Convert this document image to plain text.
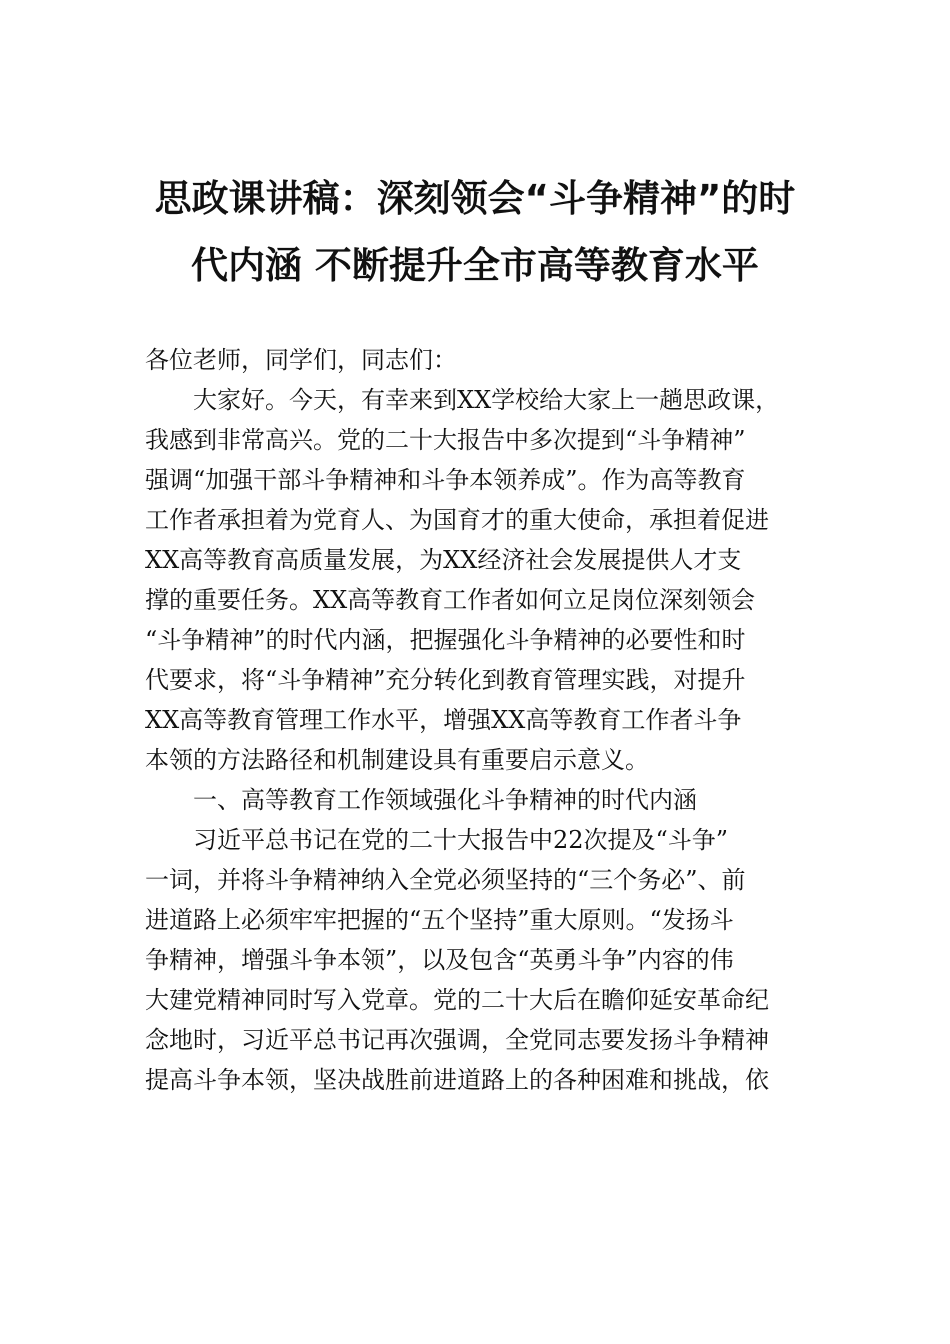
思政课讲稿：深刻领会“斗争精神”的时
代内涵 不断提升全市高等教育水平

各位老师，同学们，同志们：

大家好。今天，有幸来到XX学校给大家上一趟思政课，
我感到非常高兴。党的二十大报告中多次提到“斗争精神”
强调“加强干部斗争精神和斗争本领养成”。作为高等教育
工作者承担着为党育人、为国育才的重大使命，承担着促进
XX高等教育高质量发展，为XX经济社会发展提供人才支
撑的重要任务。XX高等教育工作者如何立足岗位深刻领会
“斗争精神”的时代内涵，把握强化斗争精神的必要性和时
代要求，将“斗争精神”充分转化到教育管理实践，对提升
XX高等教育管理工作水平，增强XX高等教育工作者斗争
本领的方法路径和机制建设具有重要启示意义。

一、高等教育工作领域强化斗争精神的时代内涵

习近平总书记在党的二十大报告中22次提及“斗争”
一词，并将斗争精神纳入全党必须坚持的“三个务必”、前
进道路上必须牢牢把握的“五个坚持”重大原则。“发扬斗
争精神，增强斗争本领”，以及包含“英勇斗争”内容的伟
大建党精神同时写入党章。党的二十大后在瞻仰延安革命纪
念地时，习近平总书记再次强调，全党同志要发扬斗争精神
提高斗争本领，坚决战胜前进道路上的各种困难和挑战，依
